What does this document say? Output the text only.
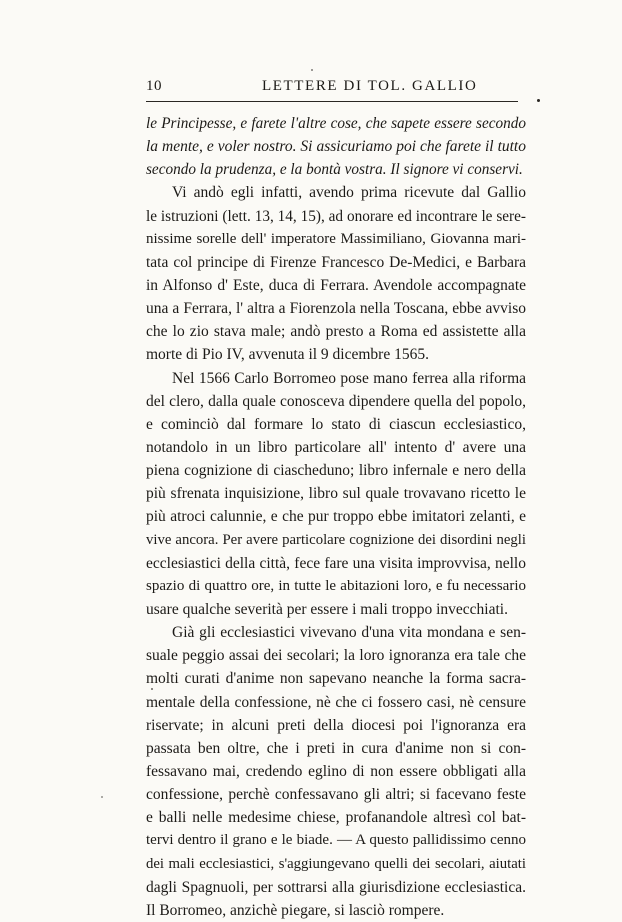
10	LETTERE DI TOL. GALLIO
le Principesse, e farete l'altre cose, che sapete essere secondo
la mente, e voler nostro. Si assicuriamo poi che farete il tutto
secondo la prudenza, e la bontà vostra. Il signore vi conservi.
Vi andò egli infatti, avendo prima ricevute dal Gallio
le istruzioni (lett. 13, 14, 15), ad onorare ed incontrare le sere-
nissime sorelle dell' imperatore Massimiliano, Giovanna mari-
tata col principe di Firenze Francesco De-Medici, e Barbara
in Alfonso d' Este, duca di Ferrara. Avendole accompagnate
una a Ferrara, l' altra a Fiorenzola nella Toscana, ebbe avviso
che lo zio stava male; andò presto a Roma ed assistette alla
morte di Pio IV, avvenuta il 9 dicembre 1565.
Nel 1566 Carlo Borromeo pose mano ferrea alla riforma
del clero, dalla quale conosceva dipendere quella del popolo,
e cominciò dal formare lo stato di ciascun ecclesiastico,
notandolo in un libro particolare all' intento d' avere una
piena cognizione di ciascheduno; libro infernale e nero della
più sfrenata inquisizione, libro sul quale trovavano ricetto le
più atroci calunnie, e che pur troppo ebbe imitatori zelanti, e
vive ancora. Per avere particolare cognizione dei disordini negli
ecclesiastici della città, fece fare una visita improvvisa, nello
spazio di quattro ore, in tutte le abitazioni loro, e fu necessario
usare qualche severità per essere i mali troppo invecchiati.
Già gli ecclesiastici vivevano d'una vita mondana e sen-
suale peggio assai dei secolari; la loro ignoranza era tale che
molti curati d'anime non sapevano neanche la forma sacra-
mentale della confessione, nè che ci fossero casi, nè censure
riservate; in alcuni preti della diocesi poi l'ignoranza era
passata ben oltre, che i preti in cura d'anime non si con-
fessavano mai, credendo eglino di non essere obbligati alla
confessione, perchè confessavano gli altri; si facevano feste
e balli nelle medesime chiese, profanandole altresì col bat-
tervi dentro il grano e le biade. — A questo pallidissimo cenno
dei mali ecclesiastici, s'aggiungevano quelli dei secolari, aiutati
dagli Spagnuoli, per sottrarsi alla giurisdizione ecclesiastica.
Il Borromeo, anzichè piegare, si lasciò rompere.
